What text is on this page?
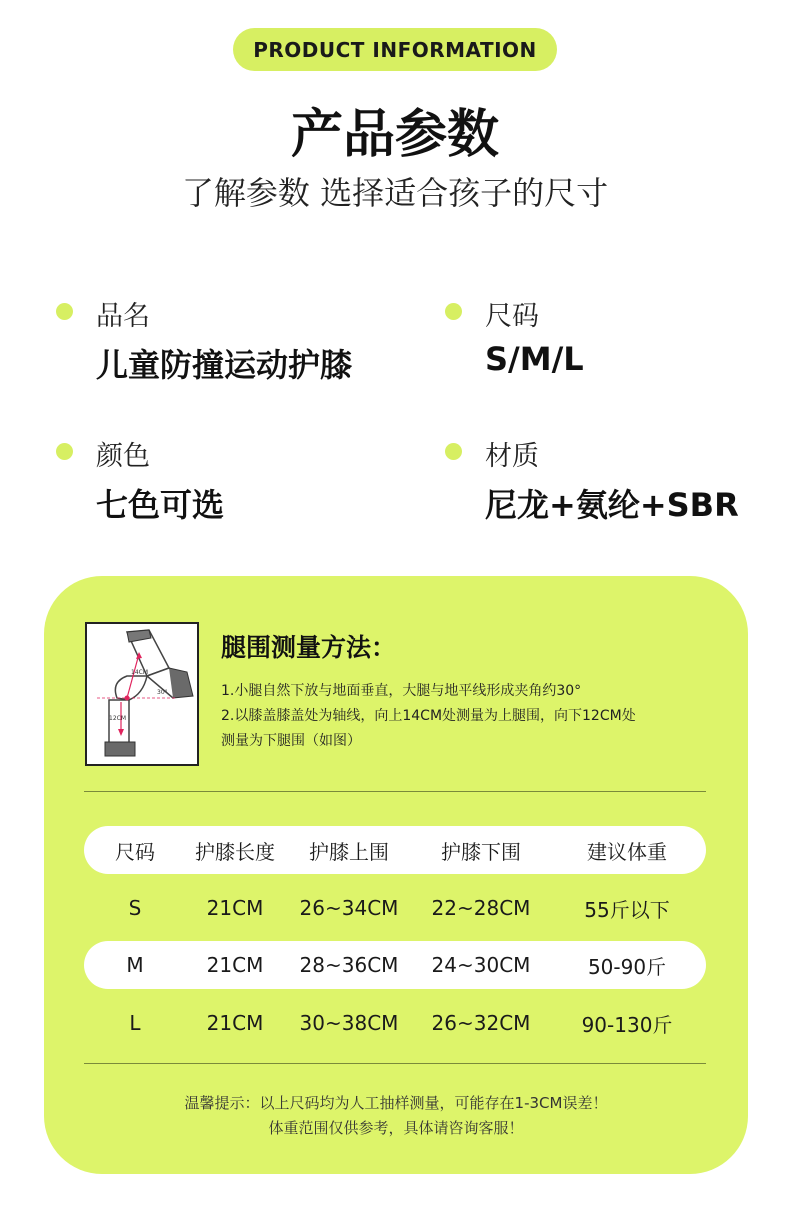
PRODUCT INFORMATION
产品参数
了解参数 选择适合孩子的尺寸
品名
儿童防撞运动护膝
尺码
S/M/L
颜色
七色可选
材质
尼龙+氨纶+SBR
14CM
12CM
30°
腿围测量方法：
1.小腿自然下放与地面垂直，大腿与地平线形成夹角约30°
2.以膝盖膝盖处为轴线，向上14CM处测量为上腿围，向下12CM处
测量为下腿围（如图）
尺码	护膝长度	护膝上围	护膝下围	建议体重
S	21CM	26~34CM	22~28CM	55斤以下
M	21CM	28~36CM	24~30CM	50-90斤
L	21CM	30~38CM	26~32CM	90-130斤
温馨提示：以上尺码均为人工抽样测量，可能存在1-3CM误差！
体重范围仅供参考，具体请咨询客服！
